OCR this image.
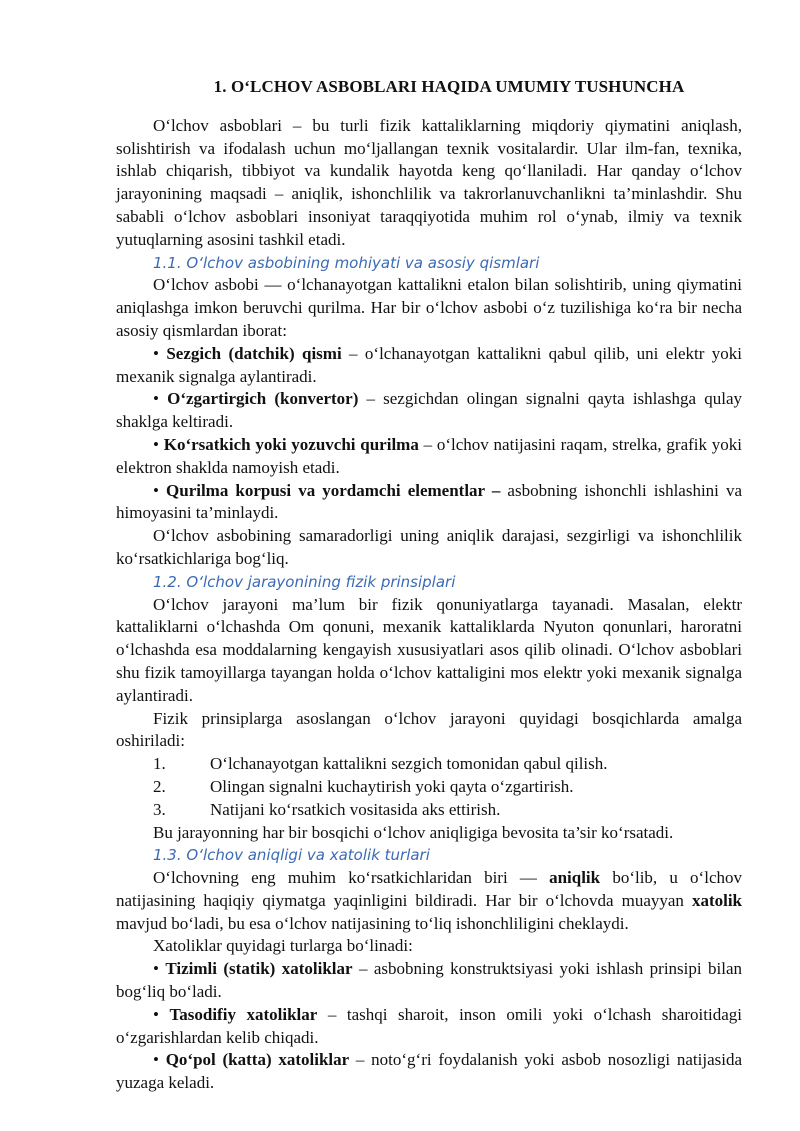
1. O‘LCHOV ASBOBLARI HAQIDA UMUMIY TUSHUNCHA

O‘lchov asboblari – bu turli fizik kattaliklarning miqdoriy qiymatini aniqlash, solishtirish va ifodalash uchun mo‘ljallangan texnik vositalardir. Ular ilm-fan, texnika, ishlab chiqarish, tibbiyot va kundalik hayotda keng qo‘llaniladi. Har qanday o‘lchov jarayonining maqsadi – aniqlik, ishonchlilik va takrorlanuvchanlikni ta’minlashdir. Shu sababli o‘lchov asboblari insoniyat taraqqiyotida muhim rol o‘ynab, ilmiy va texnik yutuqlarning asosini tashkil etadi.

1.1. O‘lchov asbobining mohiyati va asosiy qismlari

O‘lchov asbobi — o‘lchanayotgan kattalikni etalon bilan solishtirib, uning qiymatini aniqlashga imkon beruvchi qurilma. Har bir o‘lchov asbobi o‘z tuzilishiga ko‘ra bir necha asosiy qismlardan iborat:

• Sezgich (datchik) qismi – o‘lchanayotgan kattalikni qabul qilib, uni elektr yoki mexanik signalga aylantiradi.

• O‘zgartirgich (konvertor) – sezgichdan olingan signalni qayta ishlashga qulay shaklga keltiradi.

• Ko‘rsatkich yoki yozuvchi qurilma – o‘lchov natijasini raqam, strelka, grafik yoki elektron shaklda namoyish etadi.

• Qurilma korpusi va yordamchi elementlar – asbobning ishonchli ishlashini va himoyasini ta’minlaydi.

O‘lchov asbobining samaradorligi uning aniqlik darajasi, sezgirligi va ishonchlilik ko‘rsatkichlariga bog‘liq.

1.2. O‘lchov jarayonining fizik prinsiplari

O‘lchov jarayoni ma’lum bir fizik qonuniyatlarga tayanadi. Masalan, elektr kattaliklarni o‘lchashda Om qonuni, mexanik kattaliklarda Nyuton qonunlari, haroratni o‘lchashda esa moddalarning kengayish xususiyatlari asos qilib olinadi. O‘lchov asboblari shu fizik tamoyillarga tayangan holda o‘lchov kattaligini mos elektr yoki mexanik signalga aylantiradi.

Fizik prinsiplarga asoslangan o‘lchov jarayoni quyidagi bosqichlarda amalga oshiriladi:

1.	O‘lchanayotgan kattalikni sezgich tomonidan qabul qilish.
2.	Olingan signalni kuchaytirish yoki qayta o‘zgartirish.
3.	Natijani ko‘rsatkich vositasida aks ettirish.

Bu jarayonning har bir bosqichi o‘lchov aniqligiga bevosita ta’sir ko‘rsatadi.

1.3. O‘lchov aniqligi va xatolik turlari

O‘lchovning eng muhim ko‘rsatkichlaridan biri — aniqlik bo‘lib, u o‘lchov natijasining haqiqiy qiymatga yaqinligini bildiradi. Har bir o‘lchovda muayyan xatolik mavjud bo‘ladi, bu esa o‘lchov natijasining to‘liq ishonchliligini cheklaydi.

Xatoliklar quyidagi turlarga bo‘linadi:

• Tizimli (statik) xatoliklar – asbobning konstruktsiyasi yoki ishlash prinsipi bilan bog‘liq bo‘ladi.

• Tasodifiy xatoliklar – tashqi sharoit, inson omili yoki o‘lchash sharoitidagi o‘zgarishlardan kelib chiqadi.

• Qo‘pol (katta) xatoliklar – noto‘g‘ri foydalanish yoki asbob nosozligi natijasida yuzaga keladi.
